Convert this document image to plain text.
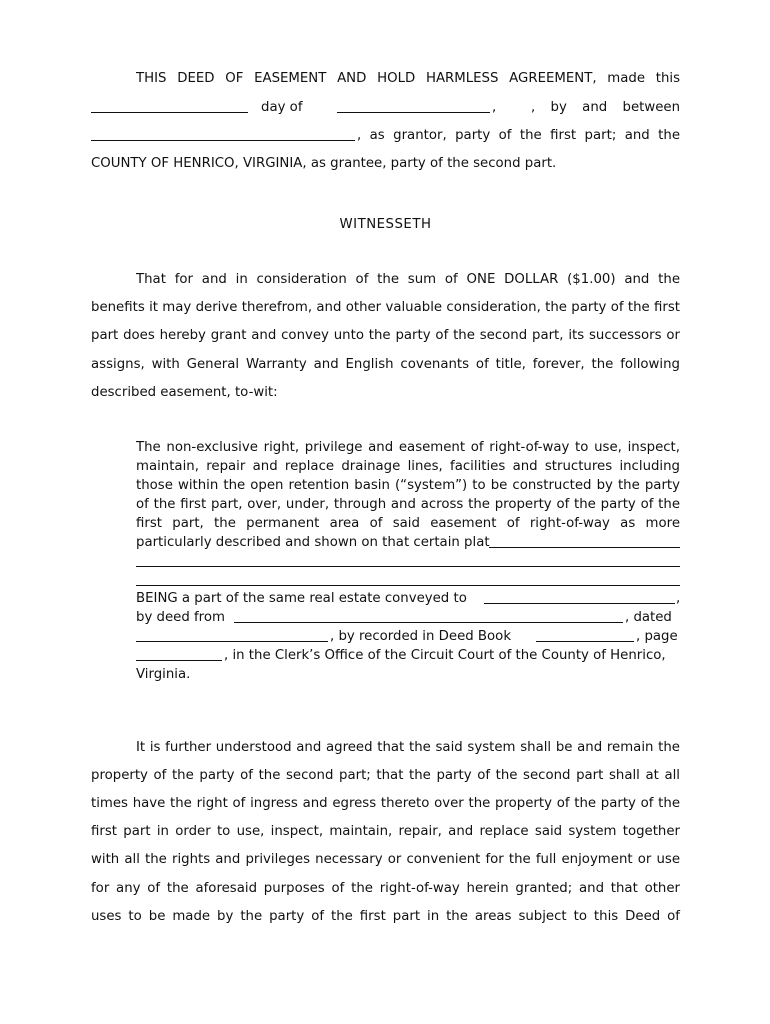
THIS DEED OF EASEMENT AND HOLD HARMLESS AGREEMENT, made this
day of	,	, by and between
, as grantor, party of the first part; and the
COUNTY OF HENRICO, VIRGINIA, as grantee, party of the second part.
WITNESSETH
That for and in consideration of the sum of ONE DOLLAR ($1.00) and the
benefits it may derive therefrom, and other valuable consideration, the party of the first
part does hereby grant and convey unto the party of the second part, its successors or
assigns, with General Warranty and English covenants of title, forever, the following
described easement, to-wit:
The non-exclusive right, privilege and easement of right-of-way to use, inspect,
maintain, repair and replace drainage lines, facilities and structures including
those within the open retention basin (“system”) to be constructed by the party
of the first part, over, under, through and across the property of the party of the
first part, the permanent area of said easement of right-of-way as more
particularly described and shown on that certain plat
BEING a part of the same real estate conveyed to	,
by deed from	, dated
, by recorded in Deed Book	, page
, in the Clerk’s Office of the Circuit Court of the County of Henrico,
Virginia.
It is further understood and agreed that the said system shall be and remain the
property of the party of the second part; that the party of the second part shall at all
times have the right of ingress and egress thereto over the property of the party of the
first part in order to use, inspect, maintain, repair, and replace said system together
with all the rights and privileges necessary or convenient for the full enjoyment or use
for any of the aforesaid purposes of the right-of-way herein granted; and that other
uses to be made by the party of the first part in the areas subject to this Deed of
